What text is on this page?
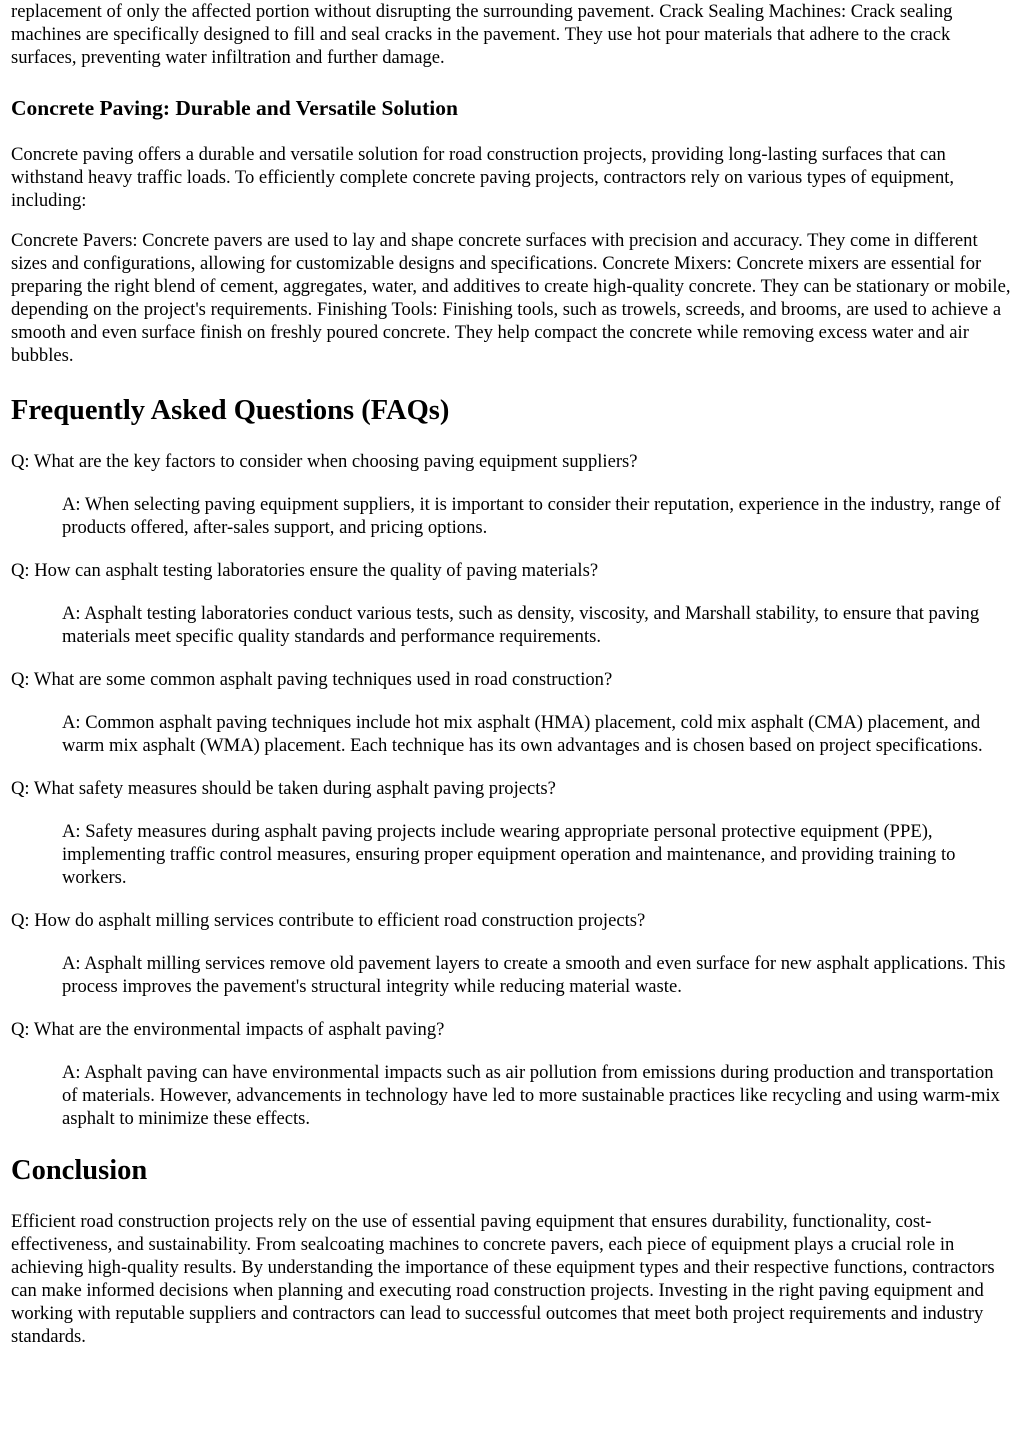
replacement of only the affected portion without disrupting the surrounding pavement. Crack Sealing Machines: Crack sealing machines are specifically designed to fill and seal cracks in the pavement. They use hot pour materials that adhere to the crack surfaces, preventing water infiltration and further damage.

Concrete Paving: Durable and Versatile Solution

Concrete paving offers a durable and versatile solution for road construction projects, providing long-lasting surfaces that can withstand heavy traffic loads. To efficiently complete concrete paving projects, contractors rely on various types of equipment, including:

Concrete Pavers: Concrete pavers are used to lay and shape concrete surfaces with precision and accuracy. They come in different sizes and configurations, allowing for customizable designs and specifications. Concrete Mixers: Concrete mixers are essential for preparing the right blend of cement, aggregates, water, and additives to create high-quality concrete. They can be stationary or mobile, depending on the project's requirements. Finishing Tools: Finishing tools, such as trowels, screeds, and brooms, are used to achieve a smooth and even surface finish on freshly poured concrete. They help compact the concrete while removing excess water and air bubbles.

Frequently Asked Questions (FAQs)

Q: What are the key factors to consider when choosing paving equipment suppliers?

A: When selecting paving equipment suppliers, it is important to consider their reputation, experience in the industry, range of products offered, after-sales support, and pricing options.

Q: How can asphalt testing laboratories ensure the quality of paving materials?

A: Asphalt testing laboratories conduct various tests, such as density, viscosity, and Marshall stability, to ensure that paving materials meet specific quality standards and performance requirements.

Q: What are some common asphalt paving techniques used in road construction?

A: Common asphalt paving techniques include hot mix asphalt (HMA) placement, cold mix asphalt (CMA) placement, and warm mix asphalt (WMA) placement. Each technique has its own advantages and is chosen based on project specifications.

Q: What safety measures should be taken during asphalt paving projects?

A: Safety measures during asphalt paving projects include wearing appropriate personal protective equipment (PPE), implementing traffic control measures, ensuring proper equipment operation and maintenance, and providing training to workers.

Q: How do asphalt milling services contribute to efficient road construction projects?

A: Asphalt milling services remove old pavement layers to create a smooth and even surface for new asphalt applications. This process improves the pavement's structural integrity while reducing material waste.

Q: What are the environmental impacts of asphalt paving?

A: Asphalt paving can have environmental impacts such as air pollution from emissions during production and transportation of materials. However, advancements in technology have led to more sustainable practices like recycling and using warm-mix asphalt to minimize these effects.

Conclusion

Efficient road construction projects rely on the use of essential paving equipment that ensures durability, functionality, cost-effectiveness, and sustainability. From sealcoating machines to concrete pavers, each piece of equipment plays a crucial role in achieving high-quality results. By understanding the importance of these equipment types and their respective functions, contractors can make informed decisions when planning and executing road construction projects. Investing in the right paving equipment and working with reputable suppliers and contractors can lead to successful outcomes that meet both project requirements and industry standards.
